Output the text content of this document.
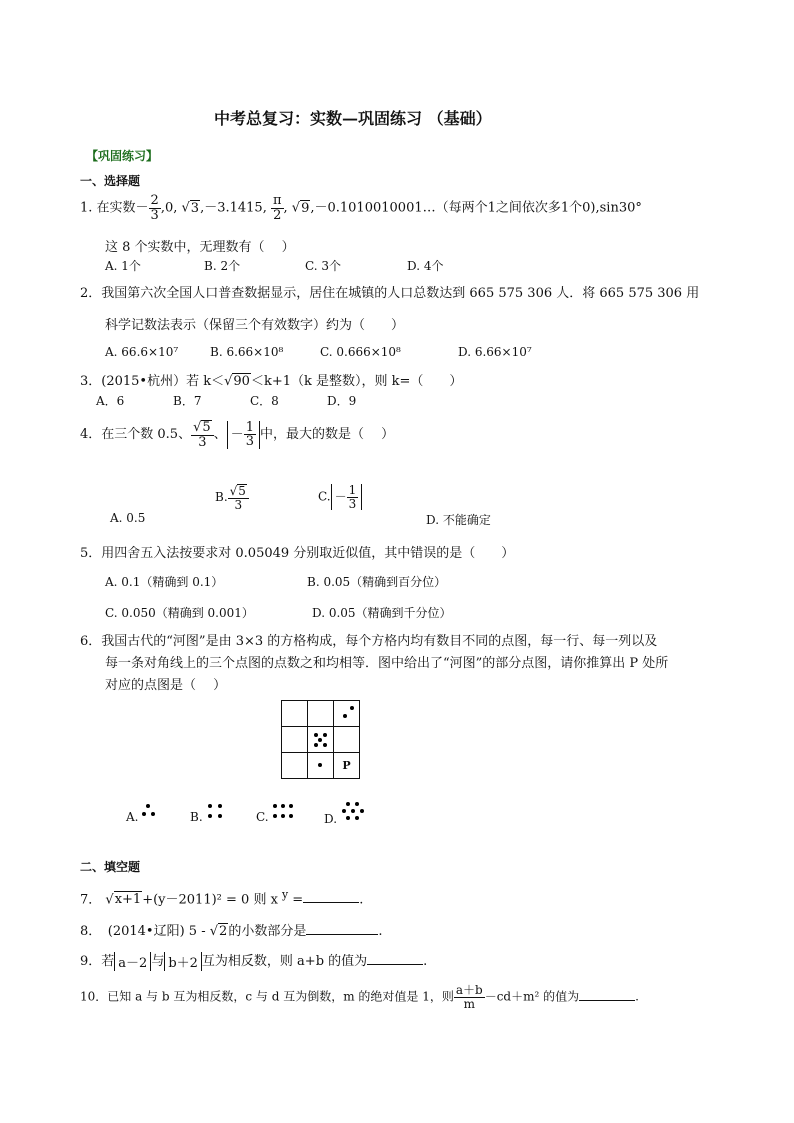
中考总复习：实数—巩固练习 （基础）
【巩固练习】
一、选择题
1. 在实数－ $\frac{2}{3} ,0$, √3,－3.1415, $\frac{\pi}{2}$ , √9,－0.1010010001…（每两个1之间依次多1个0),sin30°
这 8 个实数中，无理数有（　 ）
A. 1个	B. 2个	C. 3个	D. 4个
2．我国第六次全国人口普查数据显示，居住在城镇的人口总数达到 665 575 306 人．将 665 575 306 用
科学记数法表示（保留三个有效数字）约为（　　）
A. 66.6×10⁷	B. 6.66×10⁸	C. 0.666×10⁸	D. 6.66×10⁷
3．(2015•杭州）若 k＜√90＜k+1（k 是整数），则 k=（　　）
A．6	B．7	C．8	D．9
4．在三个数 0.5、 $\frac{√5}{3}$ 、 － $\frac{1}{3}$ 中，最大的数是（　 ）
A. 0.5
B. $\frac{√5}{3}$	C. － $\frac{1}{3}$
D. 不能确定
5．用四舍五入法按要求对 0.05049 分别取近似值，其中错误的是（　　）
A. 0.1（精确到 0.1）	B. 0.05（精确到百分位）
C. 0.050（精确到 0.001）	D. 0.05（精确到千分位）
6．我国古代的“河图”是由 3×3 的方格构成，每个方格内均有数目不同的点图，每一行、每一列以及
每一条对角线上的三个点图的点数之和均相等．图中给出了“河图”的部分点图，请你推算出 P 处所
对应的点图是（　 ）

	P
A.	B.	C.	D.
二、填空题
7． √x+1+(y－2011)² = 0 则 x $^y$ =	.
8．　(2014•辽阳) 5 - √2的小数部分是	.
9．若 a－2 与 b＋2 互为相反数，则 a+b 的值为	.
10．已知 a 与 b 互为相反数，c 与 d 互为倒数，m 的绝对值是 1，则 $\frac{a+b}{m} -cd+m^2$ 的值为	.
